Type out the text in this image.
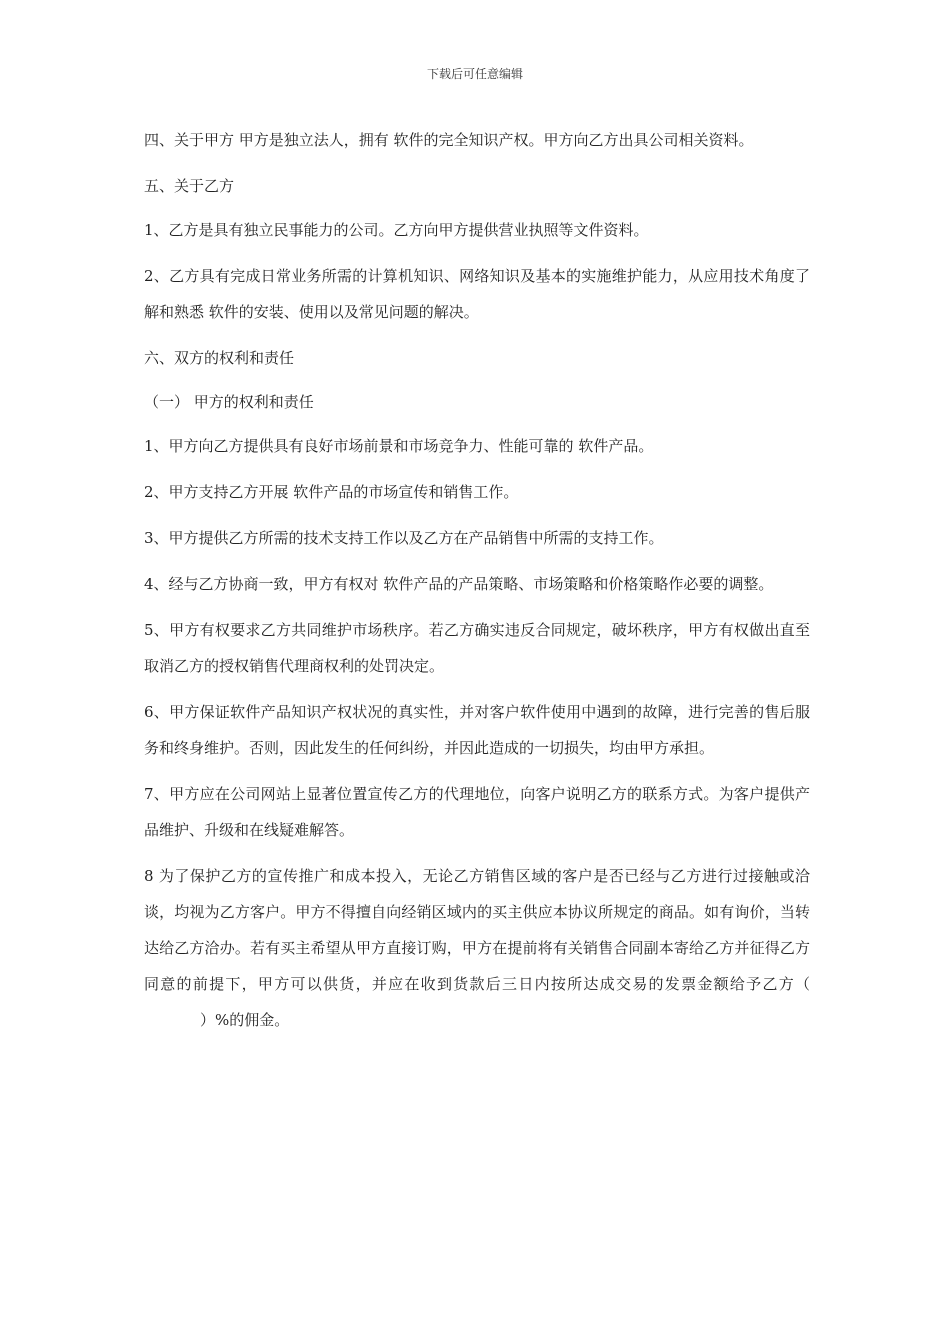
下载后可任意编辑

四、关于甲方 甲方是独立法人，拥有 软件的完全知识产权。甲方向乙方出具公司相关资料。

五、关于乙方

1、乙方是具有独立民事能力的公司。乙方向甲方提供营业执照等文件资料。

2、乙方具有完成日常业务所需的计算机知识、网络知识及基本的实施维护能力，从应用技术角度了解和熟悉 软件的安装、使用以及常见问题的解决。

六、双方的权利和责任

（一） 甲方的权利和责任

1、甲方向乙方提供具有良好市场前景和市场竞争力、性能可靠的 软件产品。

2、甲方支持乙方开展 软件产品的市场宣传和销售工作。

3、甲方提供乙方所需的技术支持工作以及乙方在产品销售中所需的支持工作。

4、经与乙方协商一致，甲方有权对 软件产品的产品策略、市场策略和价格策略作必要的调整。

5、甲方有权要求乙方共同维护市场秩序。若乙方确实违反合同规定，破坏秩序，甲方有权做出直至取消乙方的授权销售代理商权利的处罚决定。

6、甲方保证软件产品知识产权状况的真实性，并对客户软件使用中遇到的故障，进行完善的售后服务和终身维护。否则，因此发生的任何纠纷，并因此造成的一切损失，均由甲方承担。

7、甲方应在公司网站上显著位置宣传乙方的代理地位，向客户说明乙方的联系方式。为客户提供产品维护、升级和在线疑难解答。

8 为了保护乙方的宣传推广和成本投入，无论乙方销售区域的客户是否已经与乙方进行过接触或洽谈，均视为乙方客户。甲方不得擅自向经销区域内的买主供应本协议所规定的商品。如有询价，当转达给乙方洽办。若有买主希望从甲方直接订购，甲方在提前将有关销售合同副本寄给乙方并征得乙方同意的前提下，甲方可以供货，并应在收到货款后三日内按所达成交易的发票金额给予乙方（）%的佣金。
